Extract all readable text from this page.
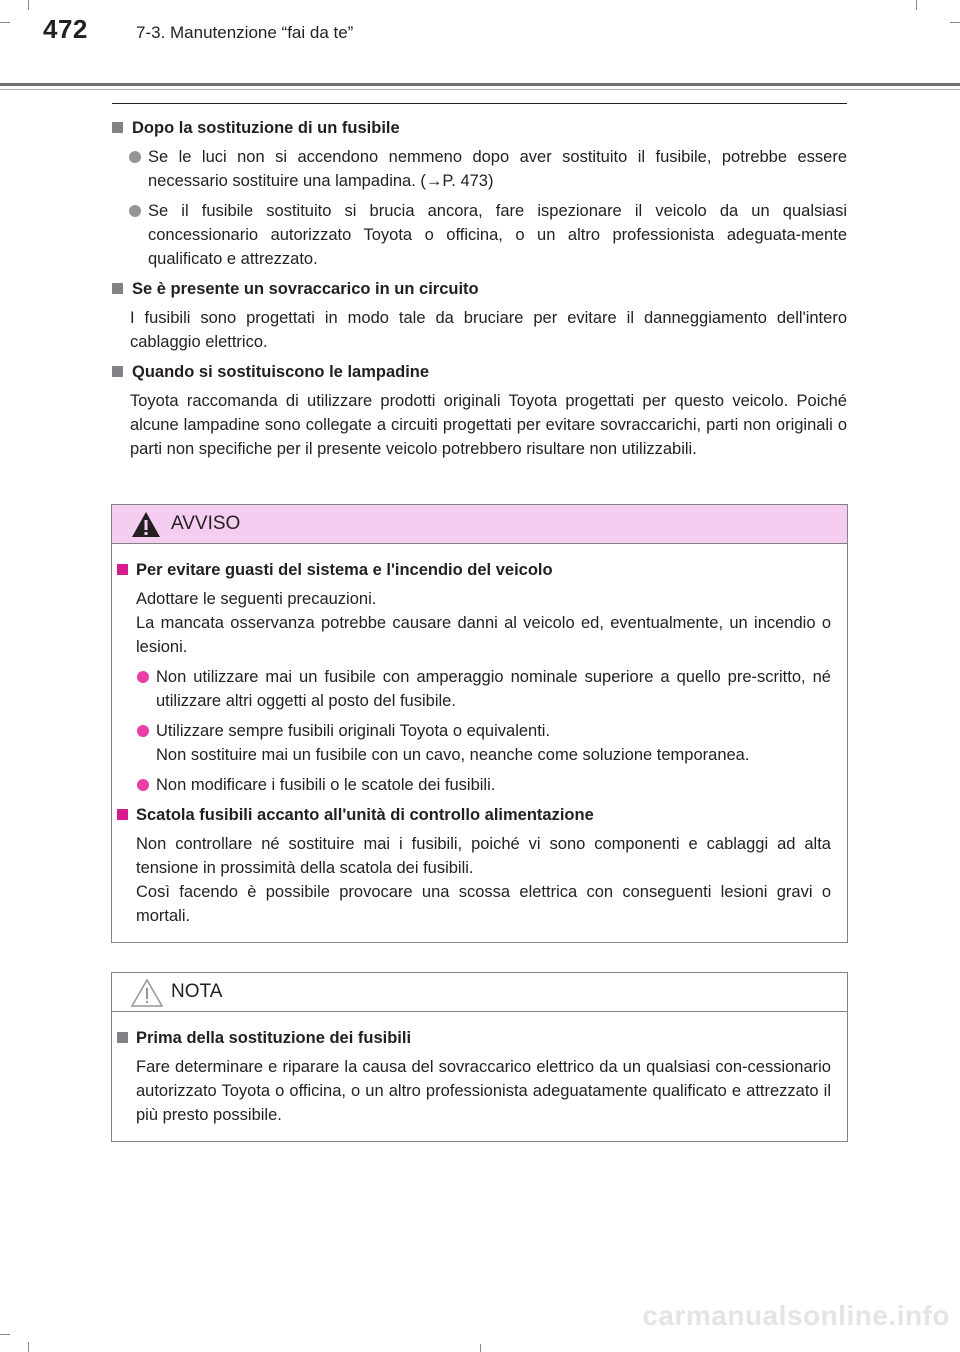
472	7-3. Manutenzione “fai da te”
Dopo la sostituzione di un fusibile
Se le luci non si accendono nemmeno dopo aver sostituito il fusibile, potrebbe essere necessario sostituire una lampadina. (→P. 473)
Se il fusibile sostituito si brucia ancora, fare ispezionare il veicolo da un qualsiasi concessionario autorizzato Toyota o officina, o un altro professionista adeguata-mente qualificato e attrezzato.
Se è presente un sovraccarico in un circuito
I fusibili sono progettati in modo tale da bruciare per evitare il danneggiamento dell'intero cablaggio elettrico.
Quando si sostituiscono le lampadine
Toyota raccomanda di utilizzare prodotti originali Toyota progettati per questo veicolo. Poiché alcune lampadine sono collegate a circuiti progettati per evitare sovraccarichi, parti non originali o parti non specifiche per il presente veicolo potrebbero risultare non utilizzabili.
AVVISO
Per evitare guasti del sistema e l'incendio del veicolo
Adottare le seguenti precauzioni.
La mancata osservanza potrebbe causare danni al veicolo ed, eventualmente, un incendio o lesioni.
Non utilizzare mai un fusibile con amperaggio nominale superiore a quello pre-scritto, né utilizzare altri oggetti al posto del fusibile.
Utilizzare sempre fusibili originali Toyota o equivalenti.
Non sostituire mai un fusibile con un cavo, neanche come soluzione temporanea.
Non modificare i fusibili o le scatole dei fusibili.
Scatola fusibili accanto all'unità di controllo alimentazione
Non controllare né sostituire mai i fusibili, poiché vi sono componenti e cablaggi ad alta tensione in prossimità della scatola dei fusibili.
Così facendo è possibile provocare una scossa elettrica con conseguenti lesioni gravi o mortali.
NOTA
Prima della sostituzione dei fusibili
Fare determinare e riparare la causa del sovraccarico elettrico da un qualsiasi con-cessionario autorizzato Toyota o officina, o un altro professionista adeguatamente qualificato e attrezzato il più presto possibile.
carmanualsonline.info
